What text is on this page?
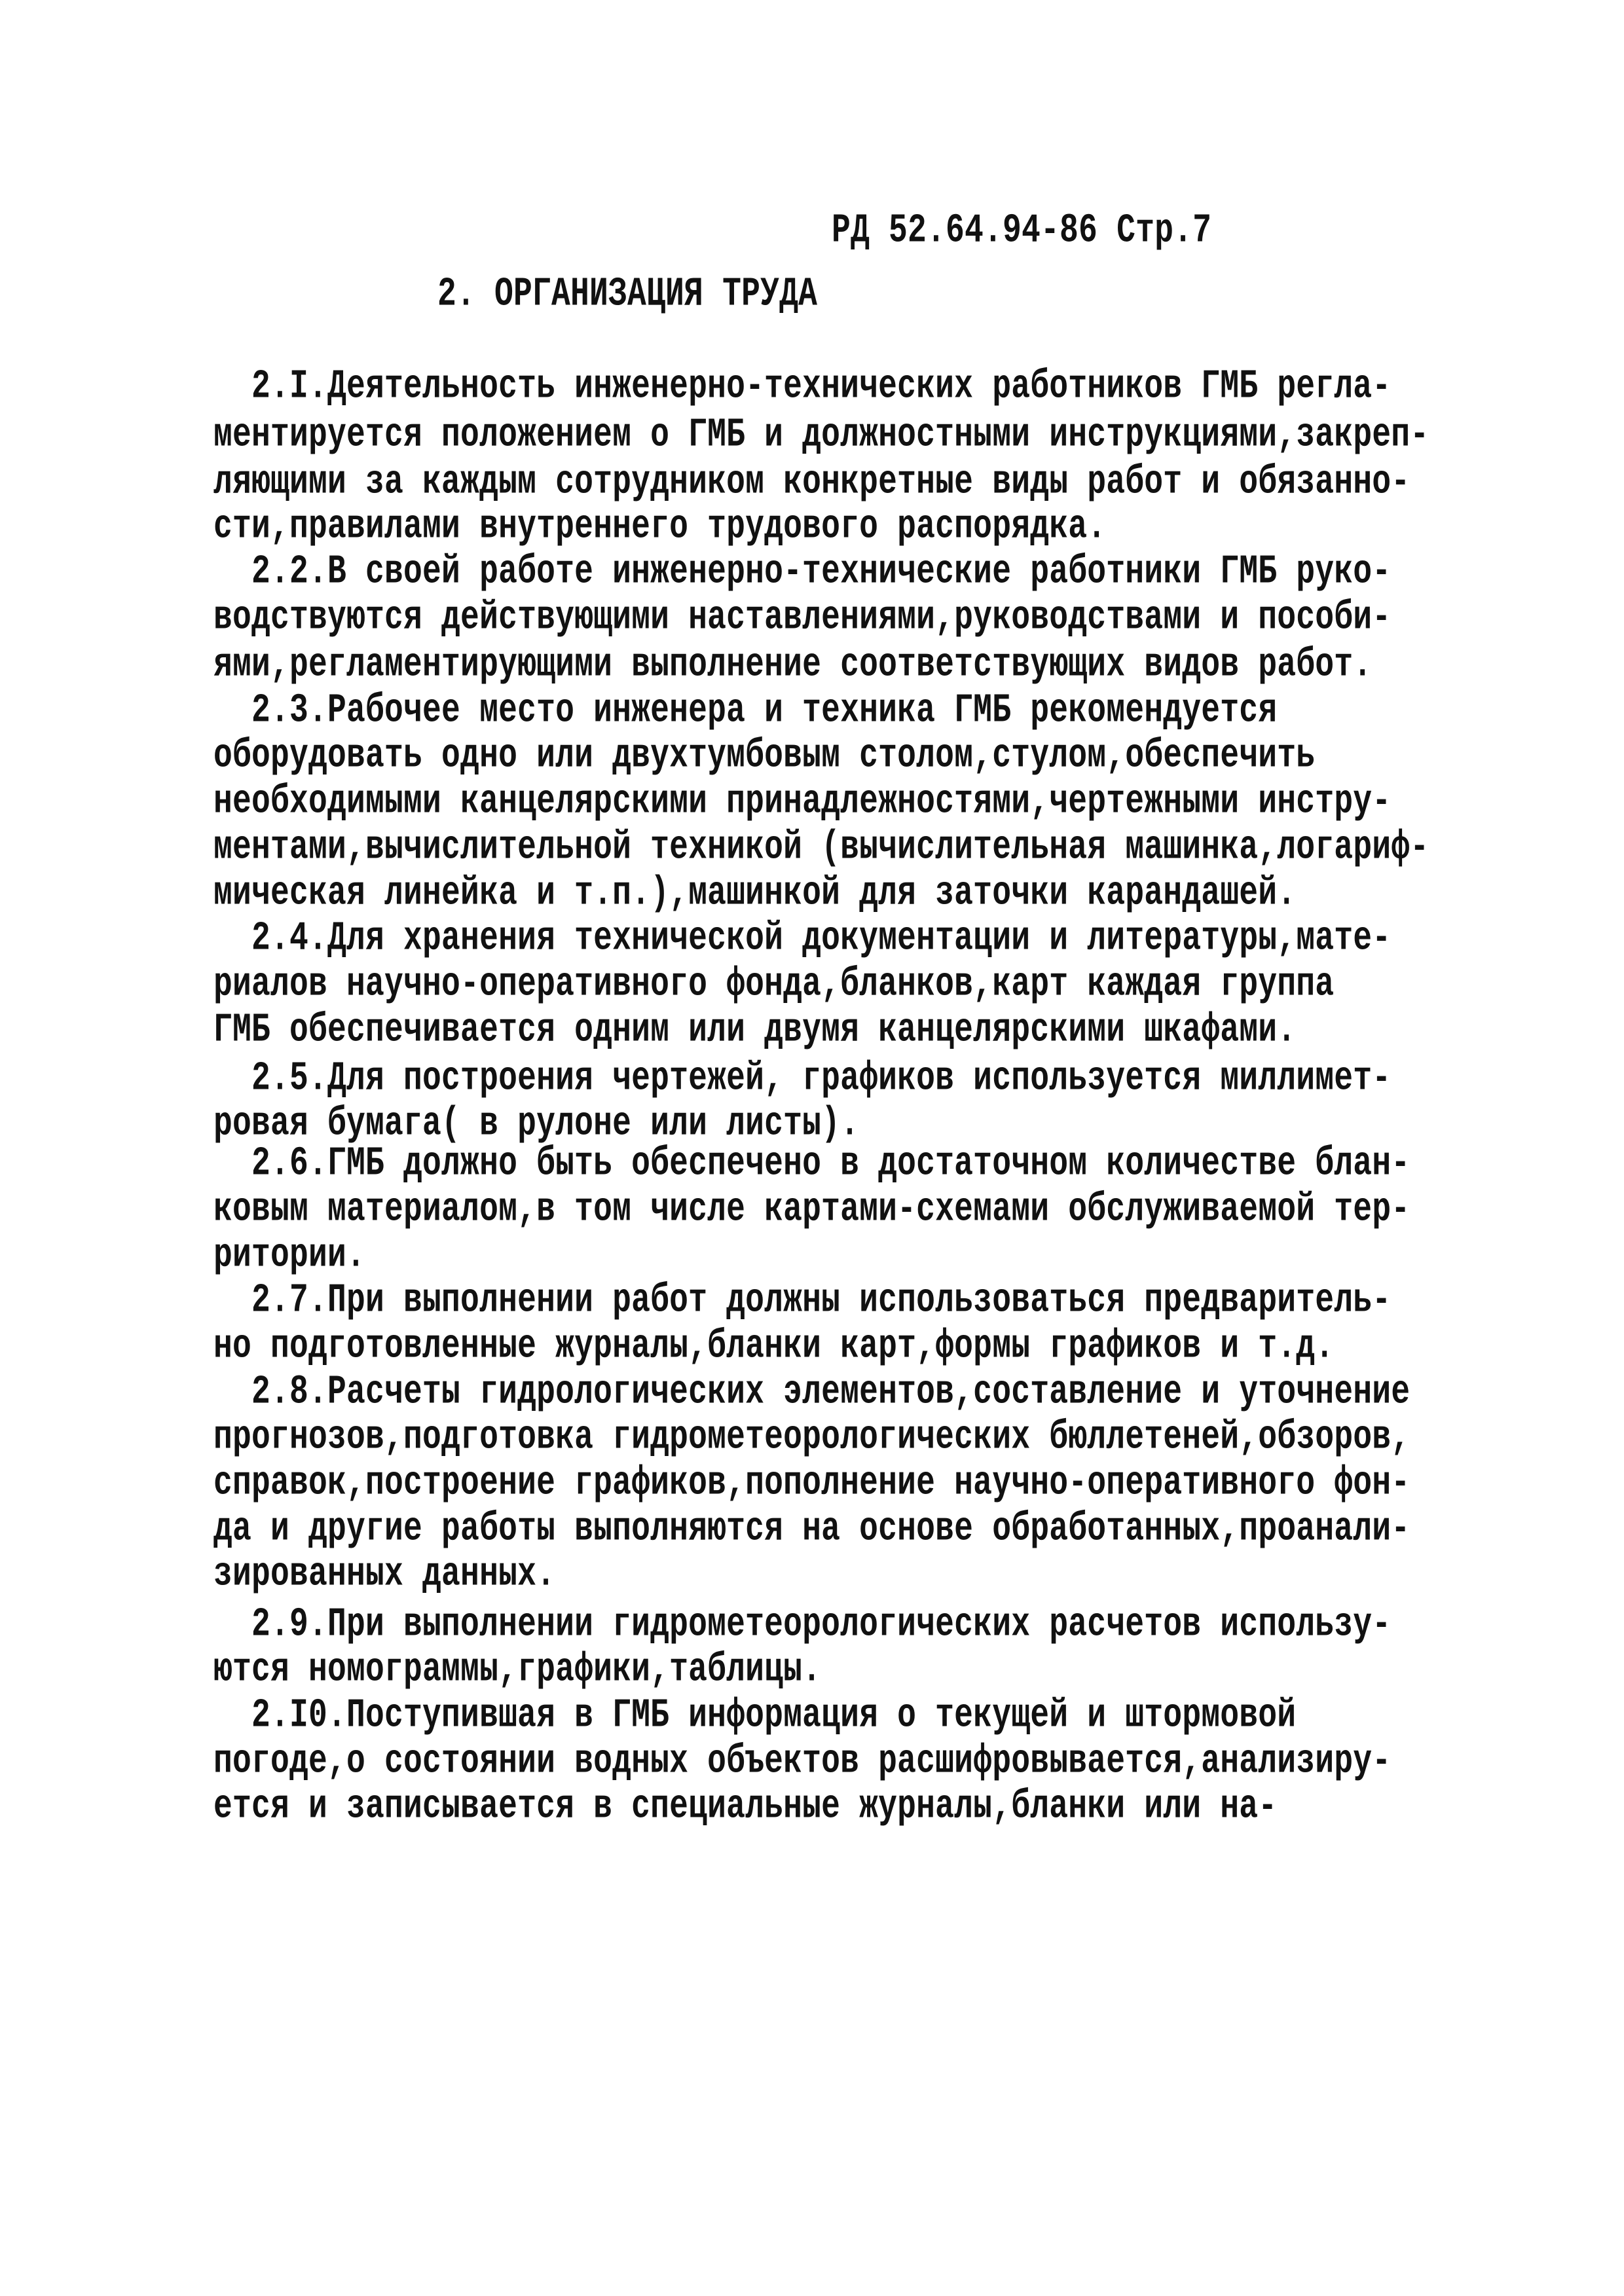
РД 52.64.94-86 Стр.7
2. ОРГАНИЗАЦИЯ ТРУДА
2.I.Деятельность инженерно-технических работников ГМБ регла-
ментируется положением о ГМБ и должностными инструкциями,закреп-
ляющими за каждым сотрудником конкретные виды работ и обязанно-
сти,правилами внутреннего трудового распорядка.
2.2.В своей работе инженерно-технические работники ГМБ руко-
водствуются действующими наставлениями,руководствами и пособи-
ями,регламентирующими выполнение соответствующих видов работ.
2.3.Рабочее место инженера и техника ГМБ рекомендуется
оборудовать одно или двухтумбовым столом,стулом,обеспечить
необходимыми канцелярскими принадлежностями,чертежными инстру-
ментами,вычислительной техникой (вычислительная машинка,логариф-
мическая линейка и т.п.),машинкой для заточки карандашей.
2.4.Для хранения технической документации и литературы,мате-
риалов научно-оперативного фонда,бланков,карт каждая группа
ГМБ обеспечивается одним или двумя канцелярскими шкафами.
2.5.Для построения чертежей, графиков используется миллимет-
ровая бумага( в рулоне или листы).
2.6.ГМБ должно быть обеспечено в достаточном количестве блан-
ковым материалом,в том числе картами-схемами обслуживаемой тер-
ритории.
2.7.При выполнении работ должны использоваться предваритель-
но подготовленные журналы,бланки карт,формы графиков и т.д.
2.8.Расчеты гидрологических элементов,составление и уточнение
прогнозов,подготовка гидрометеорологических бюллетеней,обзоров,
справок,построение графиков,пополнение научно-оперативного фон-
да и другие работы выполняются на основе обработанных,проанали-
зированных данных.
2.9.При выполнении гидрометеорологических расчетов использу-
ются номограммы,графики,таблицы.
2.I0.Поступившая в ГМБ информация о текущей и штормовой
погоде,о состоянии водных объектов расшифровывается,анализиру-
ется и записывается в специальные журналы,бланки или на-
